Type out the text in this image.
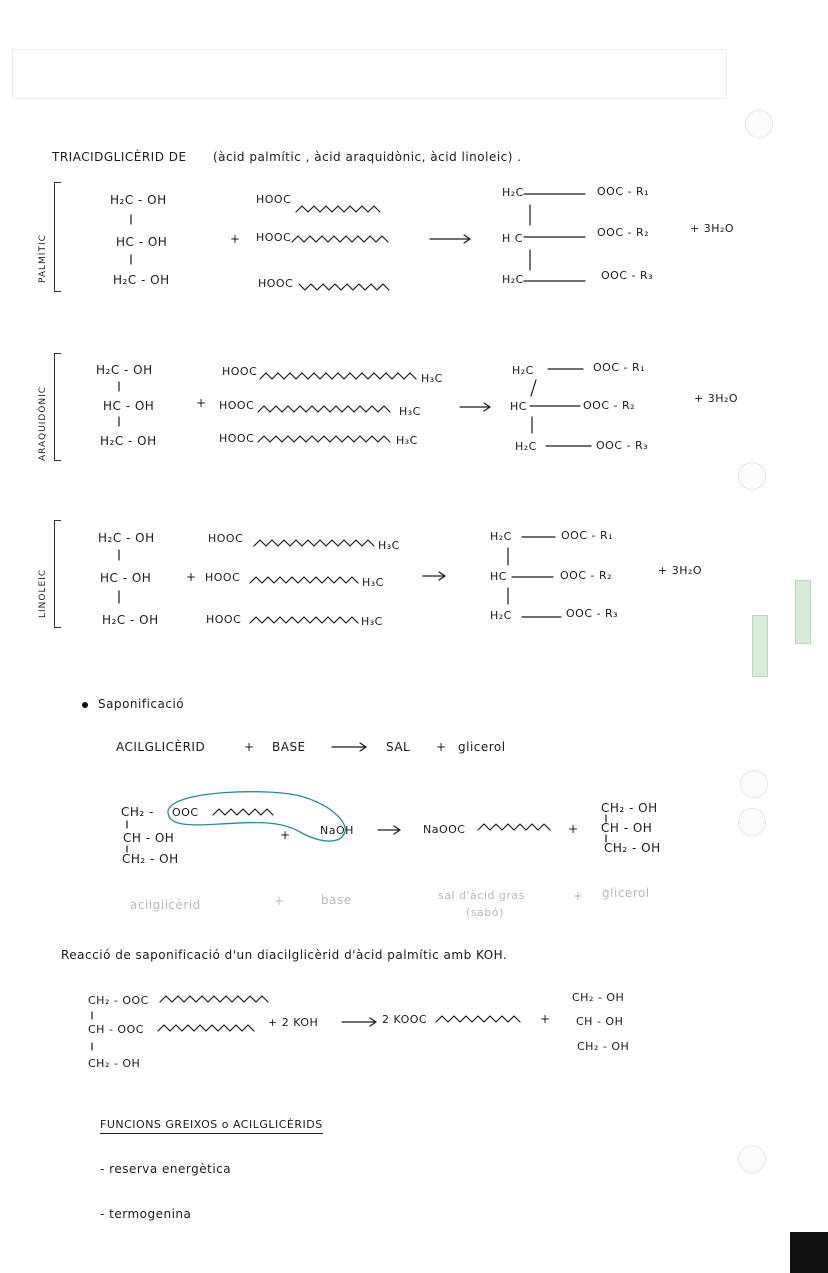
TRIACIDGLICÈRID DE (àcid palmític , àcid araquidònic, àcid linoleic) .
PALMÍTIC
H₂C - OH
HC - OH
H₂C - OH
+
HOOC
HOOC
HOOC
H₂C
H C
H₂C
OOC - R₁
OOC - R₂
OOC - R₃
+ 3H₂O
ARAQUIDÒNIC
H₂C - OH
HC - OH
H₂C - OH
+
HOOC
HOOC
HOOC
H₃C
H₃C
H₃C
H₂C
HC
H₂C
OOC - R₁
OOC - R₂
OOC - R₃
+ 3H₂O
LINOLEIC
H₂C - OH
HC - OH
H₂C - OH
+
HOOC
HOOC
HOOC
H₃C
H₃C
H₃C
H₂C
HC
H₂C
OOC - R₁
OOC - R₂
OOC - R₃
+ 3H₂O
Saponificació
ACILGLICÈRID	+ BASE	SAL + glicerol
CH₂ -
CH - OH
CH₂ - OH
OOC
+	NaOH	NaOOC	+
CH₂ - OH
CH - OH
CH₂ - OH
acilglicèrid	+	base	sal d'àcid gras
(sabó)
+ glicerol
Reacció de saponificació d'un diacilglicèrid d'àcid palmític amb KOH.
CH₂ - OOC
CH - OOC
CH₂ - OH
+ 2 KOH	2 KOOC	+
CH₂ - OH
CH - OH
CH₂ - OH
FUNCIONS GREIXOS o ACILGLICÈRIDS
- reserva energètica
- termogenina
